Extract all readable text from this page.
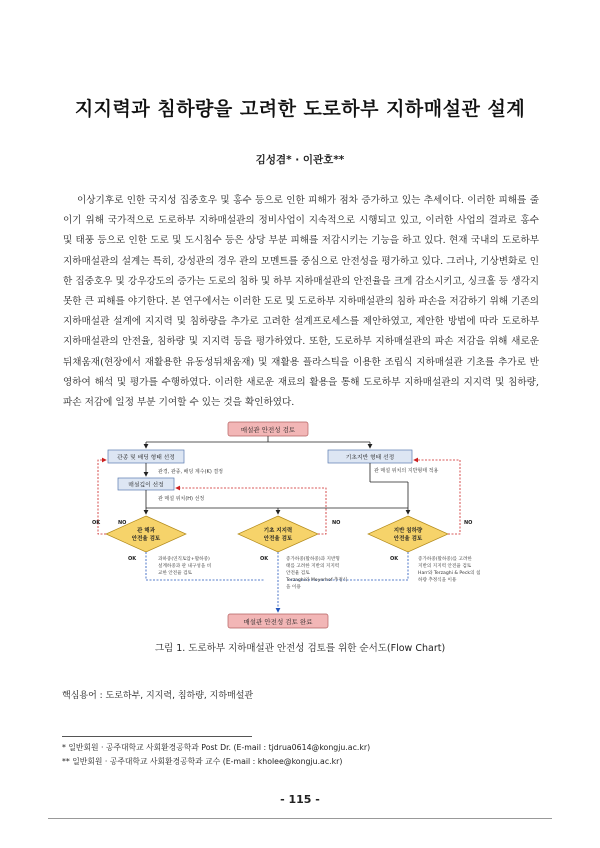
지지력과 침하량을 고려한 도로하부 지하매설관 설계
김성겸* · 이관호**

이상기후로 인한 국지성 집중호우 및 홍수 등으로 인한 피해가 점차 증가하고 있는 추세이다. 이러한 피해를 줄이기 위해 국가적으로 도로하부 지하매설관의 정비사업이 지속적으로 시행되고 있고, 이러한 사업의 결과로 홍수 및 태풍 등으로 인한 도로 및 도시침수 등은 상당 부분 피해를 저감시키는 기능을 하고 있다. 현재 국내의 도로하부 지하매설관의 설계는 특히, 강성관의 경우 관의 모멘트를 중심으로 안전성을 평가하고 있다. 그러나, 기상변화로 인한 집중호우 및 강우강도의 증가는 도로의 침하 및 하부 지하매설관의 안전율을 크게 감소시키고, 싱크홀 등 생각지 못한 큰 피해를 야기한다. 본 연구에서는 이러한 도로 및 도로하부 지하매설관의 침하 파손을 저감하기 위해 기존의 지하매설관 설계에 지지력 및 침하량을 추가로 고려한 설계프로세스를 제안하였고, 제안한 방법에 따라 도로하부 지하매설관의 안전율, 침하량 및 지지력 등을 평가하였다. 또한, 도로하부 지하매설관의 파손 저감을 위해 새로운 뒤채움재(현장에서 재활용한 유동성뒤채움재) 및 재활용 플라스틱을 이용한 조립식 지하매설관 기초를 추가로 반영하여 해석 및 평가를 수행하였다. 이러한 새로운 재료의 활용을 통해 도로하부 지하매설관의 지지력 및 침하량, 파손 저감에 일정 부분 기여할 수 있는 것을 확인하였다.

매설관 안전성 검토
관종 및 배딩 형태 선정
관경, 관종, 배딩 계수(K) 결정
기초지반 형태 선정
관 매설 위치의 지반형태 적용
매설깊이 선정
관 매설 위치(H) 선정
관 해과
안전율 검토
기초 지지력
안전율 검토
지반 침하량
안전율 검토
OK	NO	NO
NO
OK	OK	OK
과하중(연직토압+활하중)
설계하중과 관 내구성을 비
교한 안전율 검토
증가하중(활하중)과 지반형
태를 고려한 지반의 지지력
안전율 검토
Terzaghi와 Meyerhof 추정식
을 이용
증가하중(활하중)를 고려한
지반의 지지력 안전율 검토
Harr와 Terzaghi & Peck의 침
하량 추정식을 이용
매설관 안전성 검토 완료
그림 1. 도로하부 지하매설관 안전성 검토를 위한 순서도(Flow Chart)
핵심용어 : 도로하부, 지지력, 침하량, 지하매설관
* 일반회원 · 공주대학교 사회환경공학과 Post Dr. (E-mail : tjdrua0614@kongju.ac.kr)
** 일반회원 · 공주대학교 사회환경공학과 교수 (E-mail : kholee@kongju.ac.kr)
- 115 -
